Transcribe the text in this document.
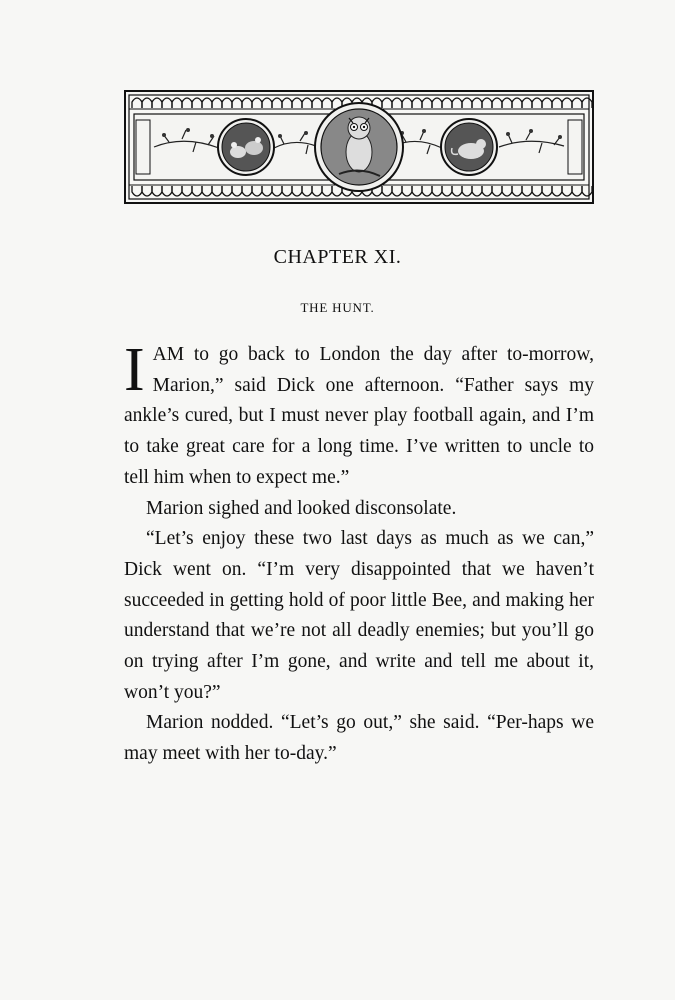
CHAPTER XI.
THE HUNT.

I AM to go back to London the day after to-morrow, Marion,” said Dick one afternoon. “Father says my ankle’s cured, but I must never play football again, and I’m to take great care for a long time. I’ve written to uncle to tell him when to expect me.”

Marion sighed and looked disconsolate.

“Let’s enjoy these two last days as much as we can,” Dick went on. “I’m very disappointed that we haven’t succeeded in getting hold of poor little Bee, and making her understand that we’re not all deadly enemies; but you’ll go on trying after I’m gone, and write and tell me about it, won’t you?”

Marion nodded. “Let’s go out,” she said. “Per-haps we may meet with her to-day.”
